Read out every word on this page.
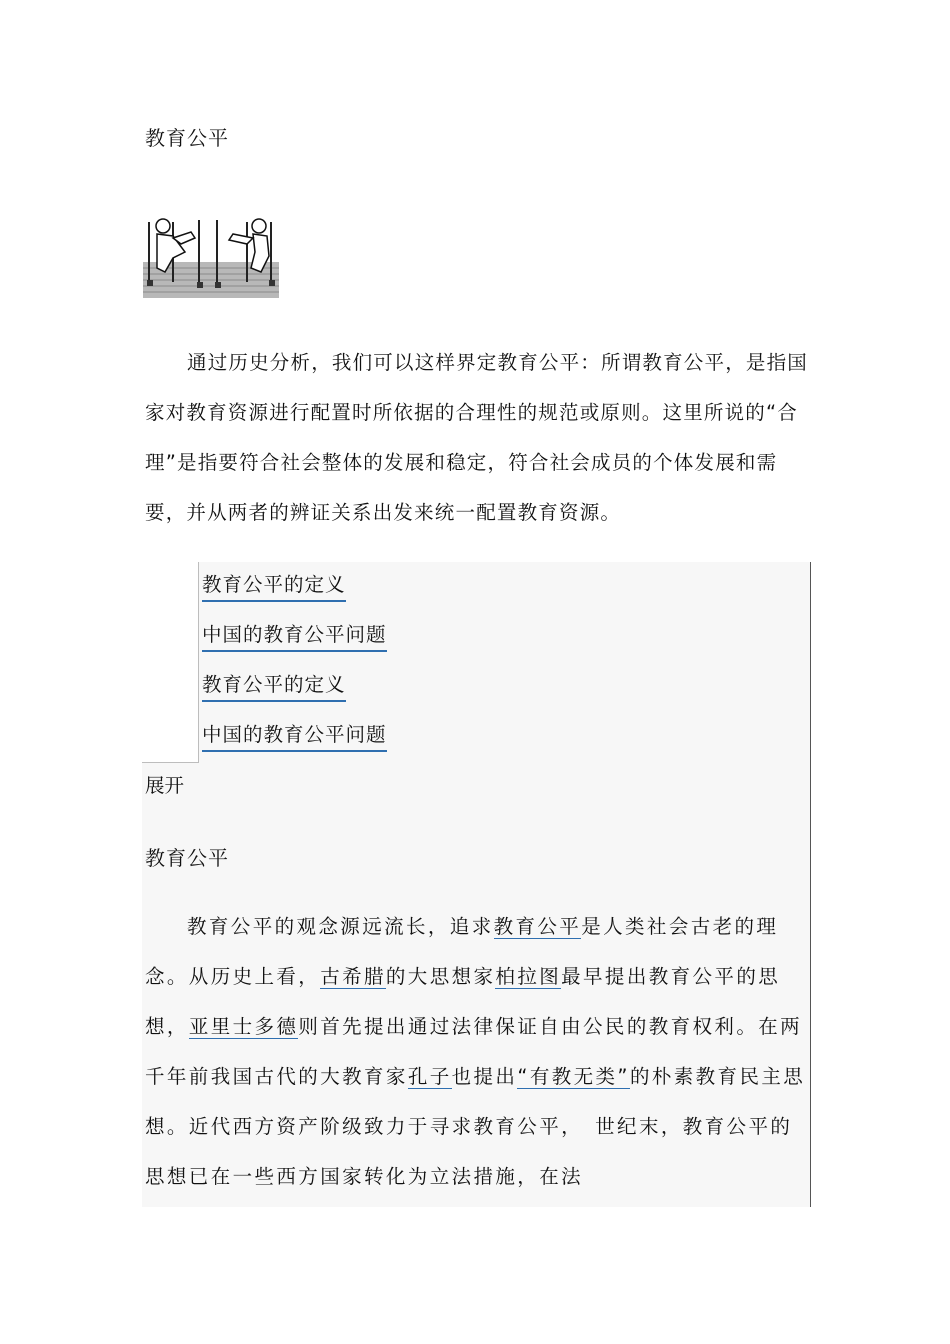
教育公平
通过历史分析，我们可以这样界定教育公平：所谓教育公平，是指国家对教育资源进行配置时所依据的合理性的规范或原则。这里所说的“合理”是指要符合社会整体的发展和稳定，符合社会成员的个体发展和需要，并从两者的辨证关系出发来统一配置教育资源。
教育公平的定义
中国的教育公平问题
教育公平的定义
中国的教育公平问题
展开
教育公平
教育公平的观念源远流长，追求教育公平是人类社会古老的理念。从历史上看，古希腊的大思想家柏拉图最早提出教育公平的思想，亚里士多德则首先提出通过法律保证自由公民的教育权利。在两千年前我国古代的大教育家孔子也提出“有教无类”的朴素教育民主思想。近代西方资产阶级致力于寻求教育公平，　世纪末，教育公平的思想已在一些西方国家转化为立法措施，在法
